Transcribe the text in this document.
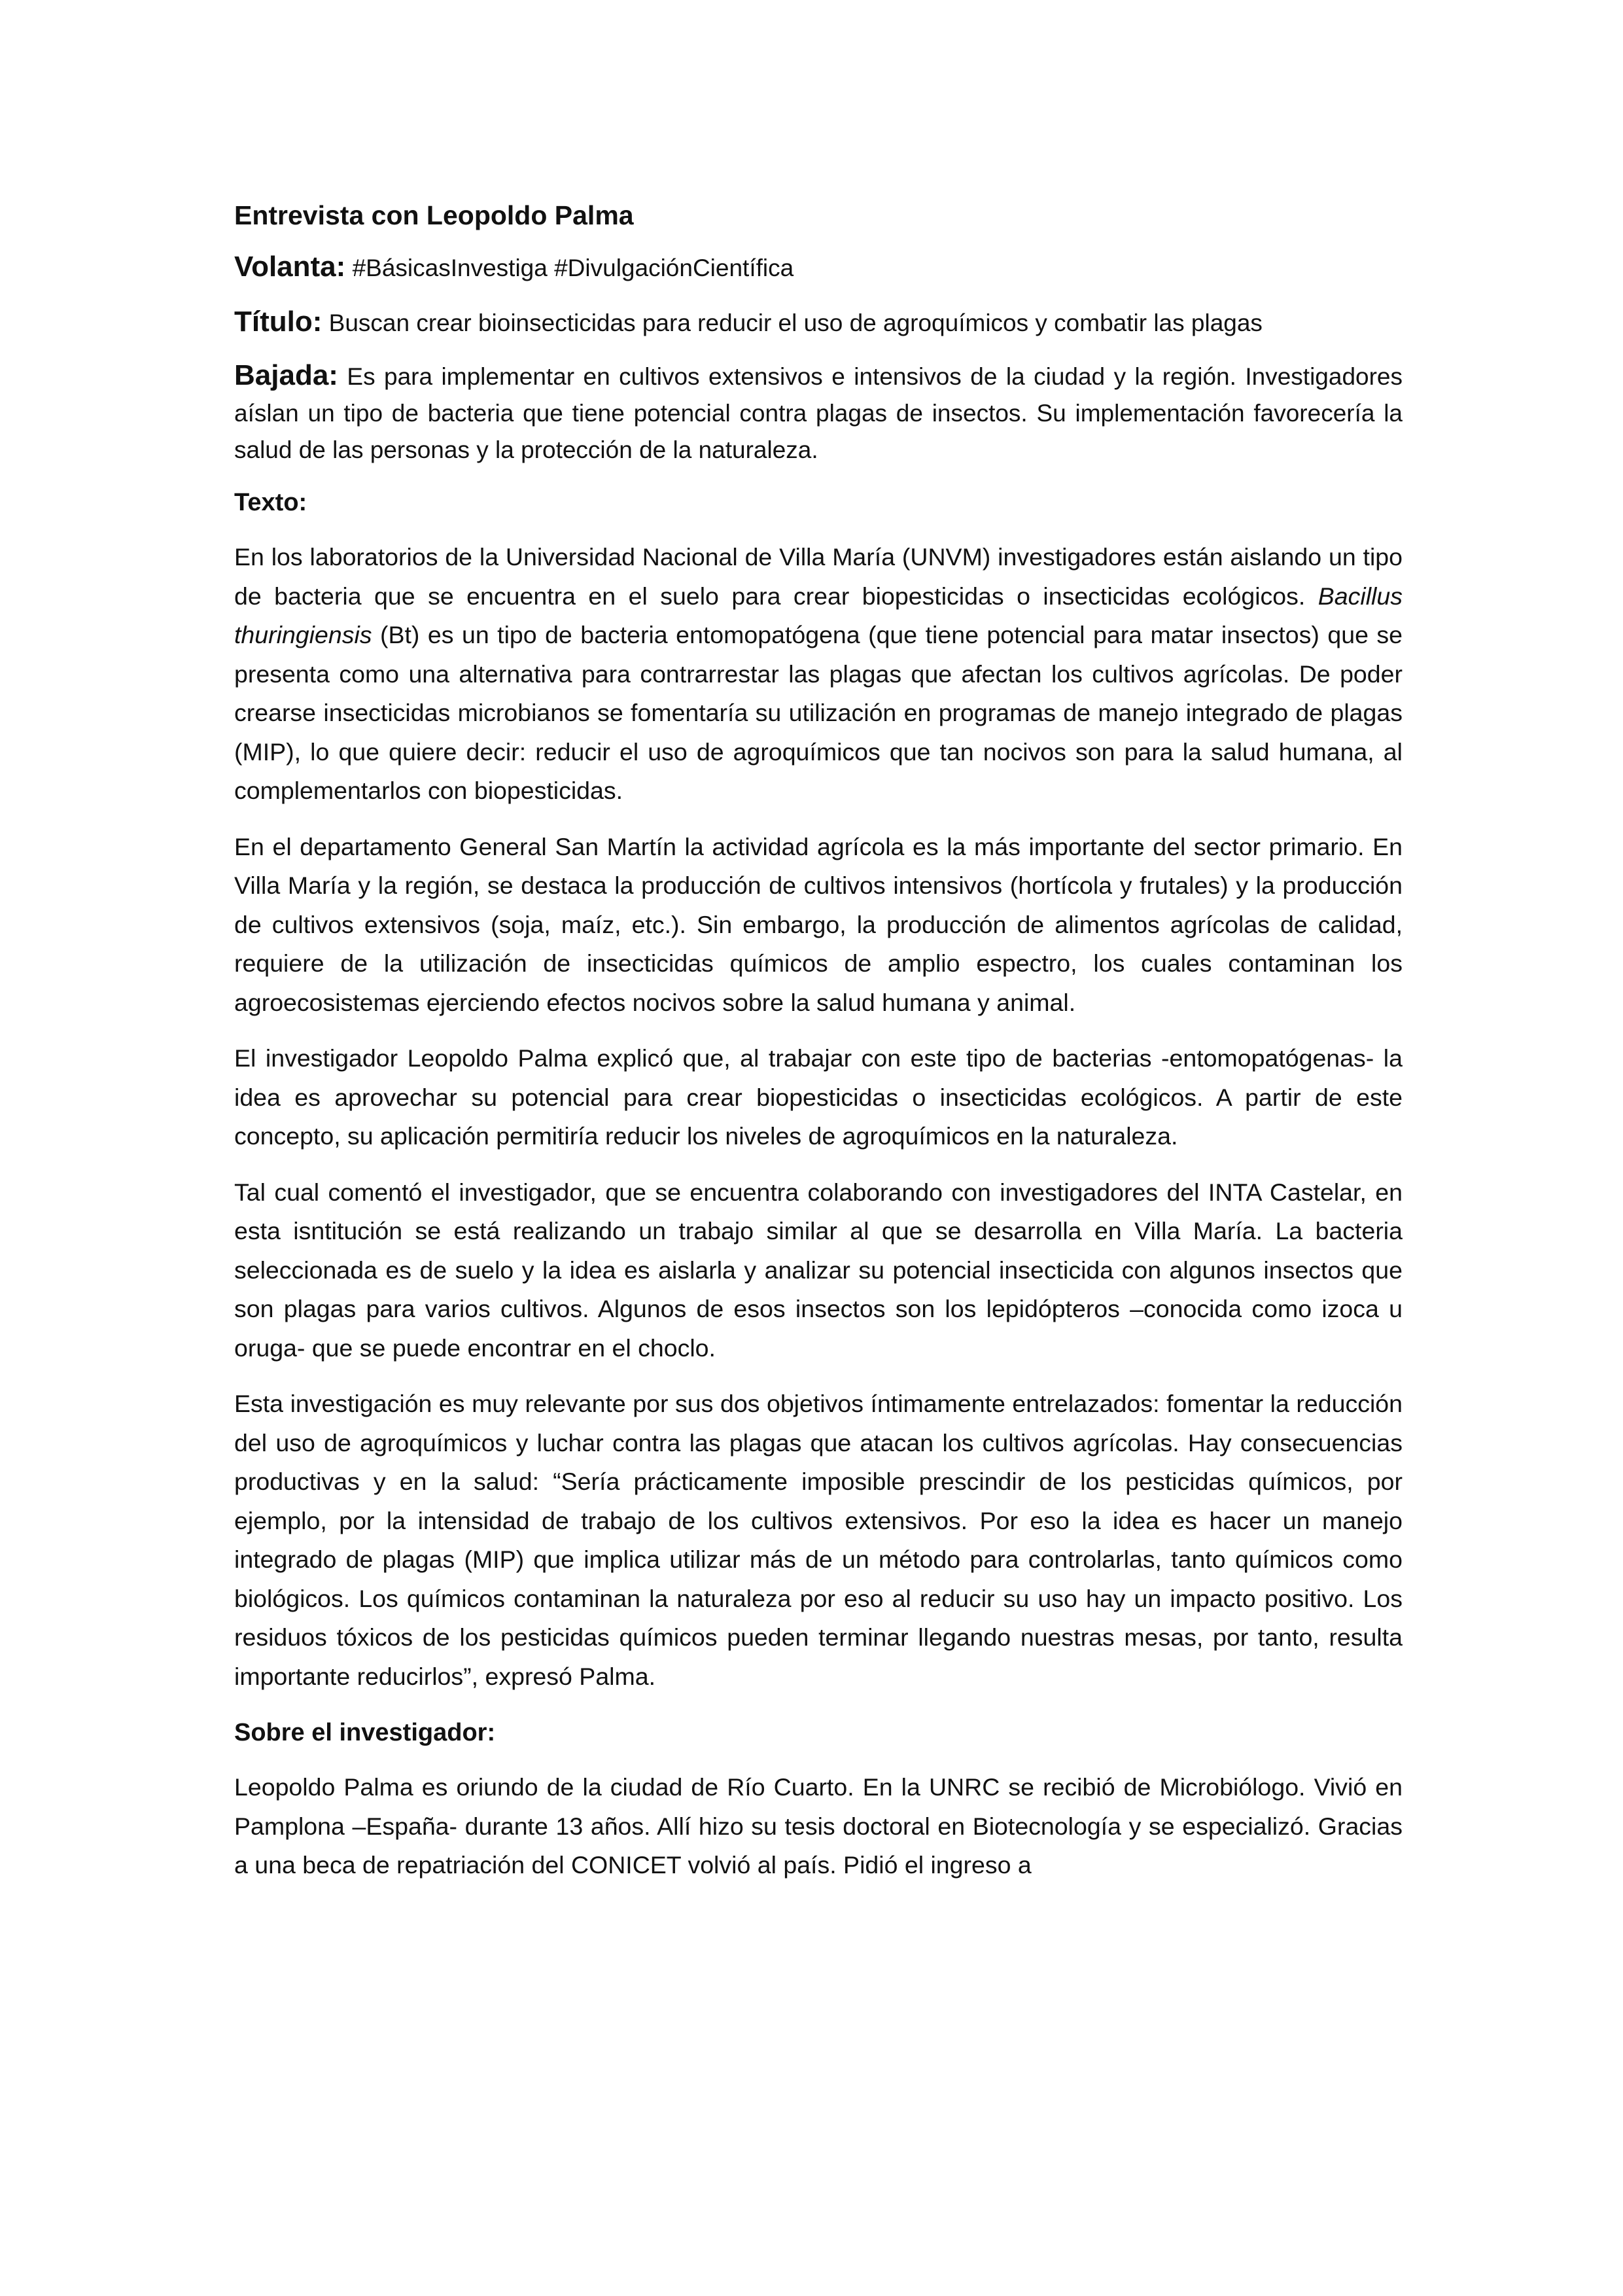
Entrevista con Leopoldo Palma
Volanta: #BásicasInvestiga #DivulgaciónCientífica
Título: Buscan crear bioinsecticidas para reducir el uso de agroquímicos y combatir las plagas
Bajada: Es para implementar en cultivos extensivos e intensivos de la ciudad y la región. Investigadores aíslan un tipo de bacteria que tiene potencial contra plagas de insectos. Su implementación favorecería la salud de las personas y la protección de la naturaleza.
Texto:

En los laboratorios de la Universidad Nacional de Villa María (UNVM) investigadores están aislando un tipo de bacteria que se encuentra en el suelo para crear biopesticidas o insecticidas ecológicos. Bacillus thuringiensis (Bt) es un tipo de bacteria entomopatógena (que tiene potencial para matar insectos) que se presenta como una alternativa para contrarrestar las plagas que afectan los cultivos agrícolas. De poder crearse insecticidas microbianos se fomentaría su utilización en programas de manejo integrado de plagas (MIP), lo que quiere decir: reducir el uso de agroquímicos que tan nocivos son para la salud humana, al complementarlos con biopesticidas.

En el departamento General San Martín la actividad agrícola es la más importante del sector primario. En Villa María y la región, se destaca la producción de cultivos intensivos (hortícola y frutales) y la producción de cultivos extensivos (soja, maíz, etc.). Sin embargo, la producción de alimentos agrícolas de calidad, requiere de la utilización de insecticidas químicos de amplio espectro, los cuales contaminan los agroecosistemas ejerciendo efectos nocivos sobre la salud humana y animal.

El investigador Leopoldo Palma explicó que, al trabajar con este tipo de bacterias -entomopatógenas- la idea es aprovechar su potencial para crear biopesticidas o insecticidas ecológicos. A partir de este concepto, su aplicación permitiría reducir los niveles de agroquímicos en la naturaleza.

Tal cual comentó el investigador, que se encuentra colaborando con investigadores del INTA Castelar, en esta isntitución se está realizando un trabajo similar al que se desarrolla en Villa María. La bacteria seleccionada es de suelo y la idea es aislarla y analizar su potencial insecticida con algunos insectos que son plagas para varios cultivos. Algunos de esos insectos son los lepidópteros –conocida como izoca u oruga- que se puede encontrar en el choclo.

Esta investigación es muy relevante por sus dos objetivos íntimamente entrelazados: fomentar la reducción del uso de agroquímicos y luchar contra las plagas que atacan los cultivos agrícolas. Hay consecuencias productivas y en la salud: “Sería prácticamente imposible prescindir de los pesticidas químicos, por ejemplo, por la intensidad de trabajo de los cultivos extensivos. Por eso la idea es hacer un manejo integrado de plagas (MIP) que implica utilizar más de un método para controlarlas, tanto químicos como biológicos. Los químicos contaminan la naturaleza por eso al reducir su uso hay un impacto positivo. Los residuos tóxicos de los pesticidas químicos pueden terminar llegando nuestras mesas, por tanto, resulta importante reducirlos”, expresó Palma.

Sobre el investigador:

Leopoldo Palma es oriundo de la ciudad de Río Cuarto. En la UNRC se recibió de Microbiólogo. Vivió en Pamplona –España- durante 13 años. Allí hizo su tesis doctoral en Biotecnología y se especializó. Gracias a una beca de repatriación del CONICET volvió al país. Pidió el ingreso a
